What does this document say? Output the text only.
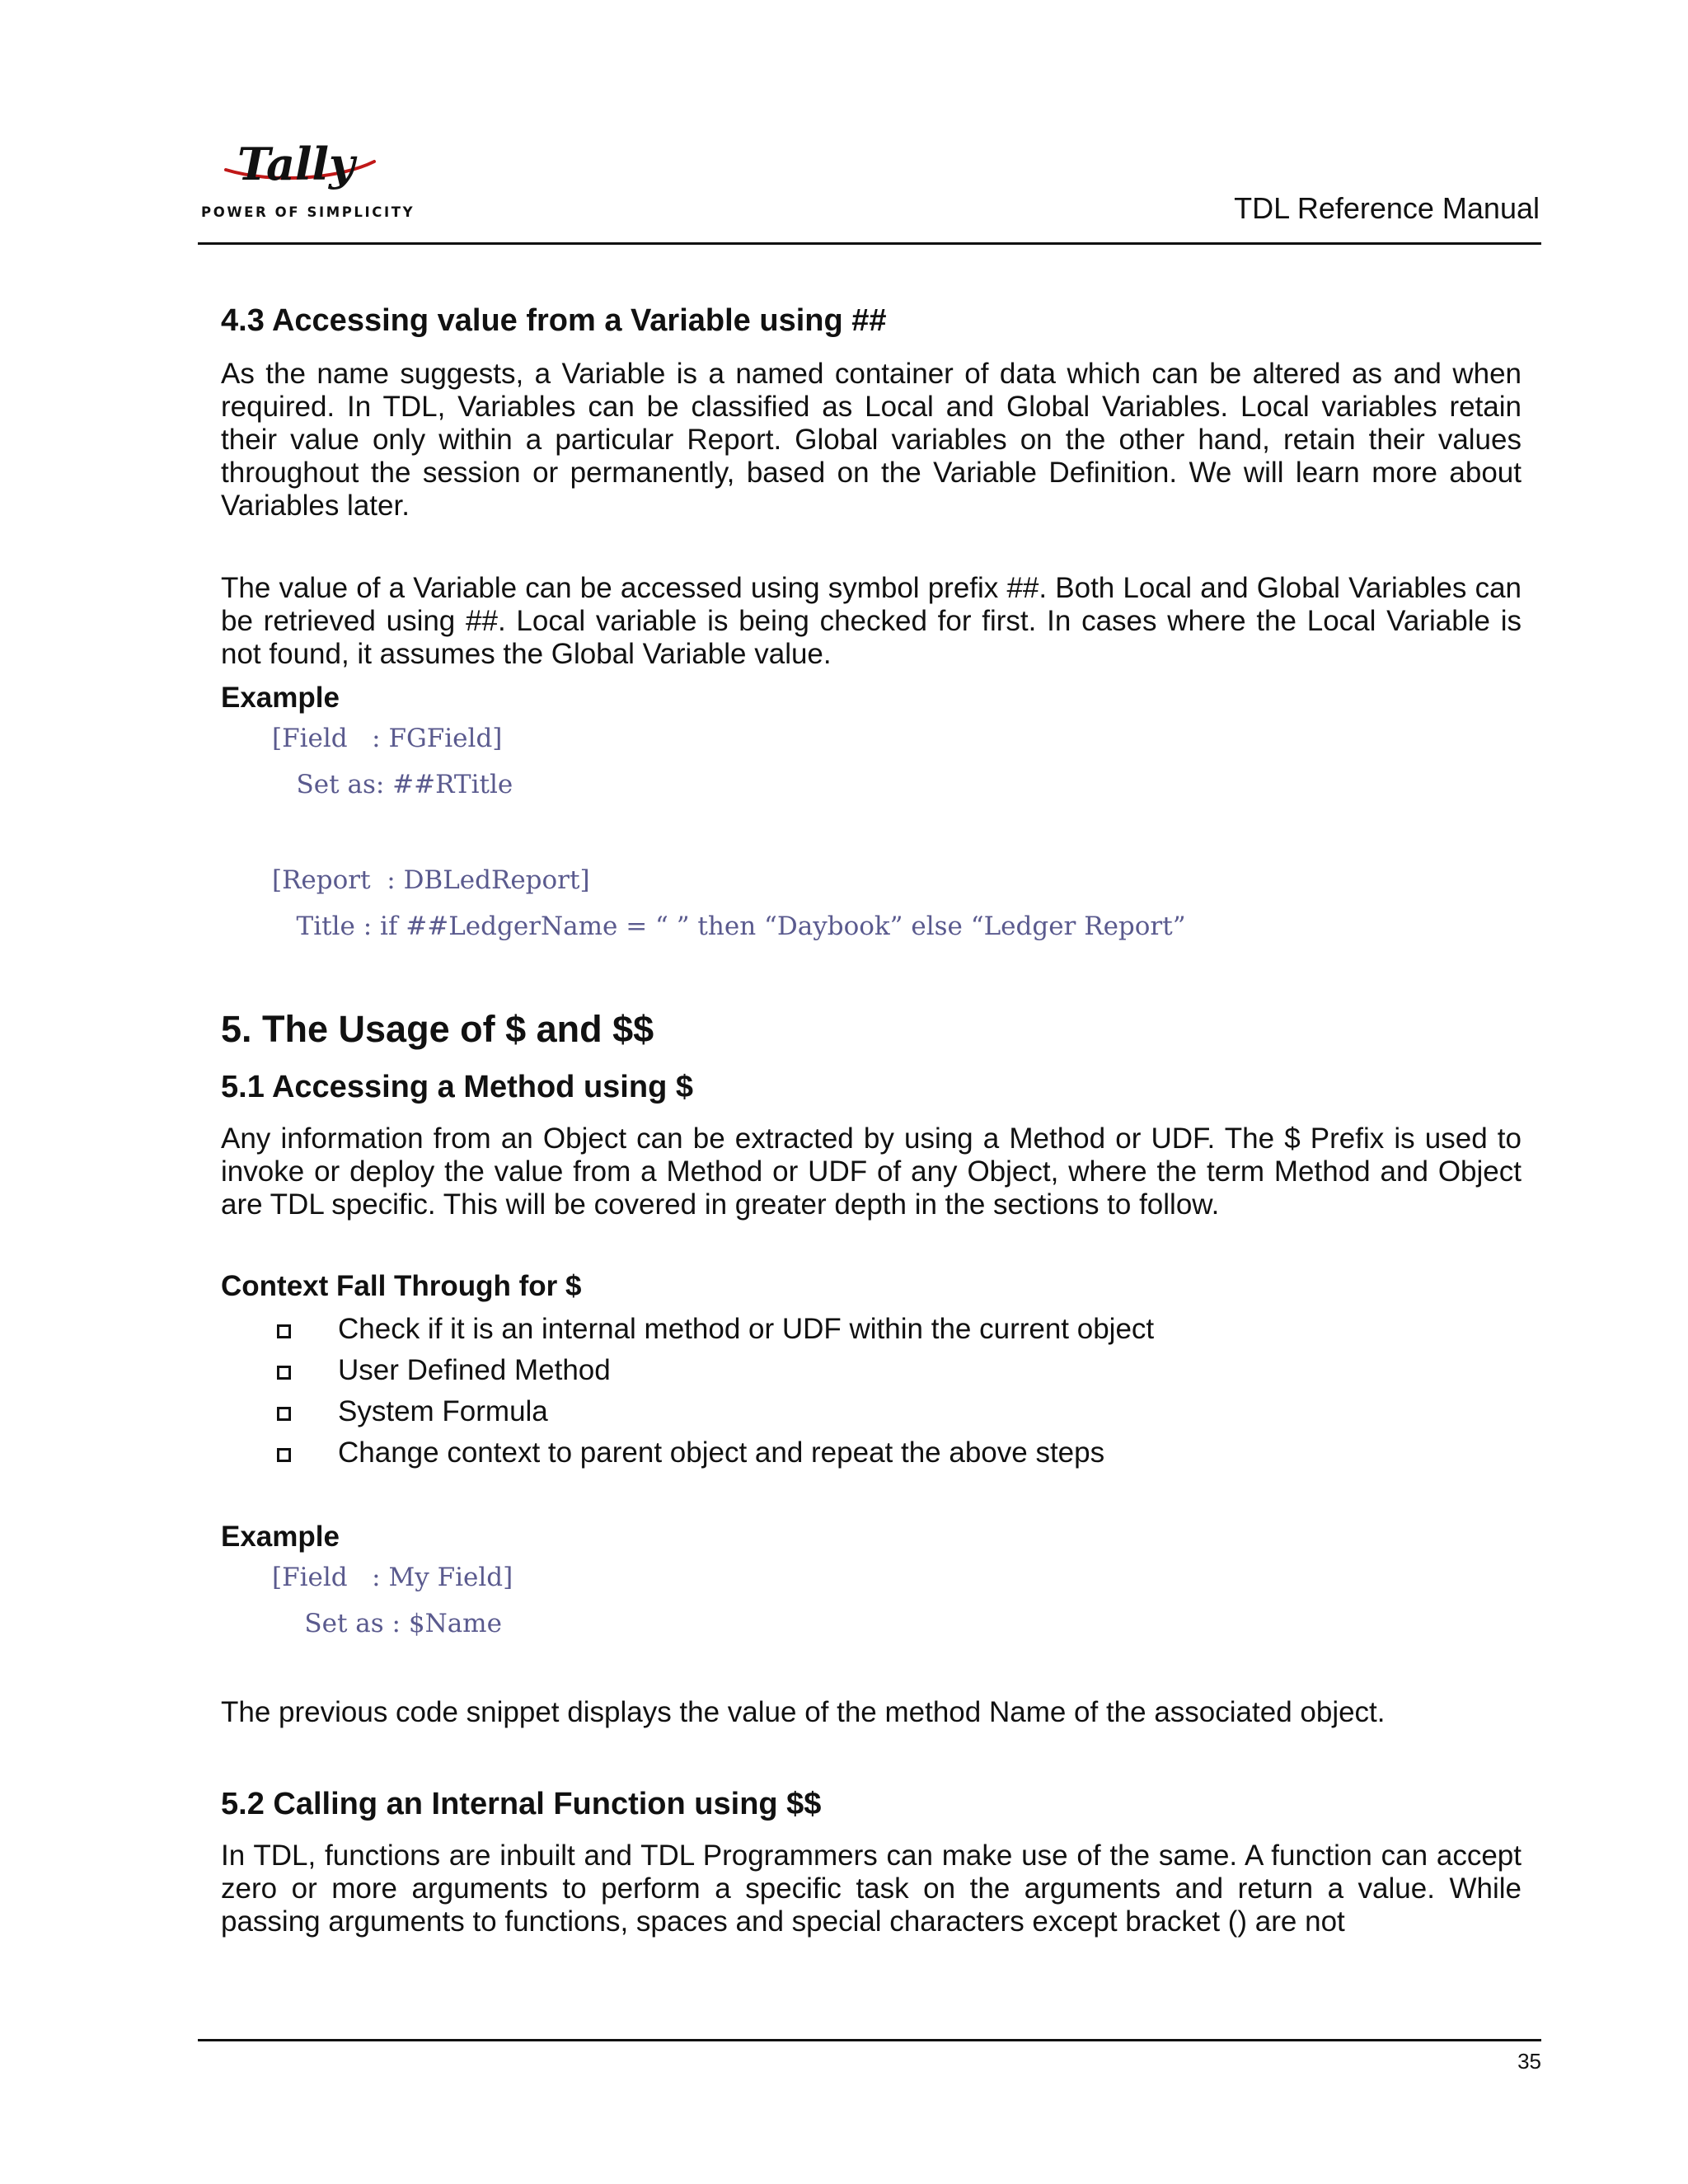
Tally
POWER OF SIMPLICITY	TDL Reference Manual
4.3 Accessing value from a Variable using ##

As the name suggests, a Variable is a named container of data which can be altered as and when required. In TDL, Variables can be classified as Local and Global Variables. Local variables retain their value only within a particular Report. Global variables on the other hand, retain their values throughout the session or permanently, based on the Variable Definition. We will learn more about Variables later.

The value of a Variable can be accessed using symbol prefix ##. Both Local and Global Variables can be retrieved using ##. Local variable is being checked for first. In cases where the Local Variable is not found, it assumes the Global Variable value.

Example
[Field   : FGField]
Set as: ##RTitle
[Report  : DBLedReport]
Title : if ##LedgerName = “ ” then “Daybook” else “Ledger Report”
5. The Usage of $ and $$
5.1 Accessing a Method using $

Any information from an Object can be extracted by using a Method or UDF. The $ Prefix is used to invoke or deploy the value from a Method or UDF of any Object, where the term Method and Object are TDL specific. This will be covered in greater depth in the sections to follow.

Context Fall Through for $
Check if it is an internal method or UDF within the current object
User Defined Method
System Formula
Change context to parent object and repeat the above steps
Example
[Field   : My Field]
Set as : $Name

The previous code snippet displays the value of the method Name of the associated object.

5.2 Calling an Internal Function using $$

In TDL, functions are inbuilt and TDL Programmers can make use of the same. A function can accept zero or more arguments to perform a specific task on the arguments and return a value. While passing arguments to functions, spaces and special characters except bracket () are not

35
